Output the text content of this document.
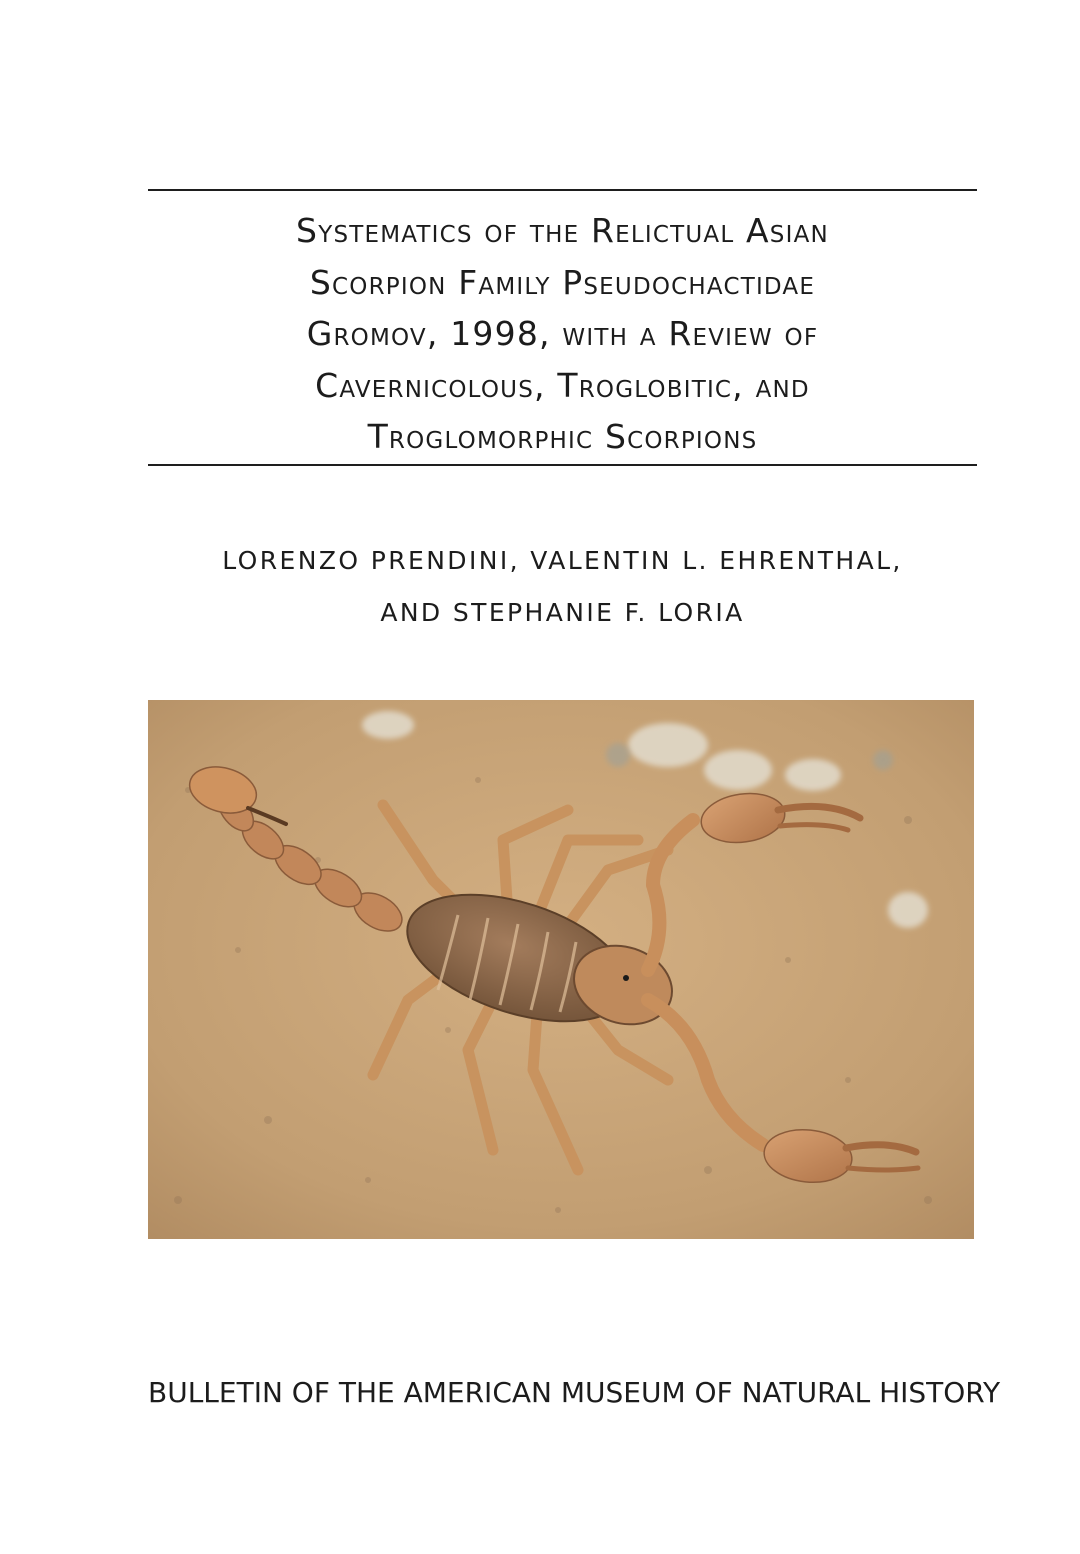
Systematics of the Relictual Asian
Scorpion Family Pseudochactidae
Gromov, 1998, with a Review of
Cavernicolous, Troglobitic, and
Troglomorphic Scorpions
LORENZO PRENDINI, VALENTIN L. EHRENTHAL,
AND STEPHANIE F. LORIA
BULLETIN OF THE AMERICAN MUSEUM OF NATURAL HISTORY
